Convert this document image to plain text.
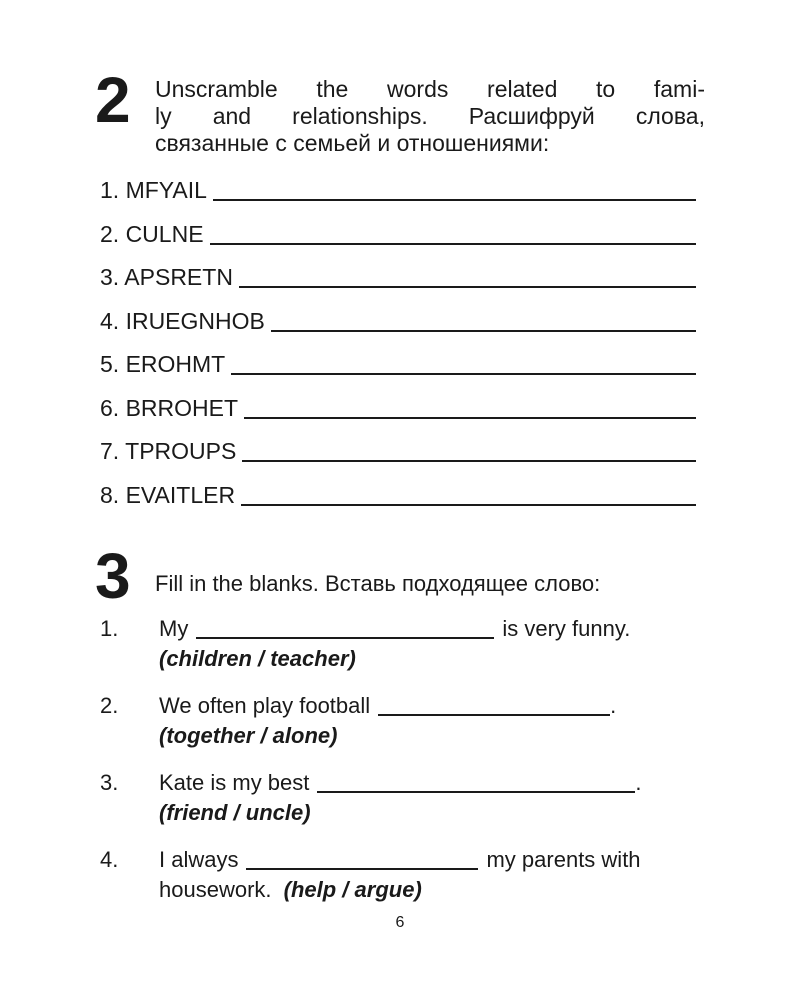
2 Unscramble the words related to fami-
ly and relationships. Расшифруй слова,
связанные с семьей и отношениями:
1. MFYAIL
2. CULNE
3. APSRETN
4. IRUEGNHOB
5. EROHMT
6. BRROHET
7. TPROUPS
8. EVAITLER
3 Fill in the blanks. Вставь подходящее слово:
1. My	is very funny.
(children / teacher)
2. We often play football	.
(together / alone)
3. Kate is my best	.
(friend / uncle)
4. I always	my parents with
housework. (help / argue)
6
